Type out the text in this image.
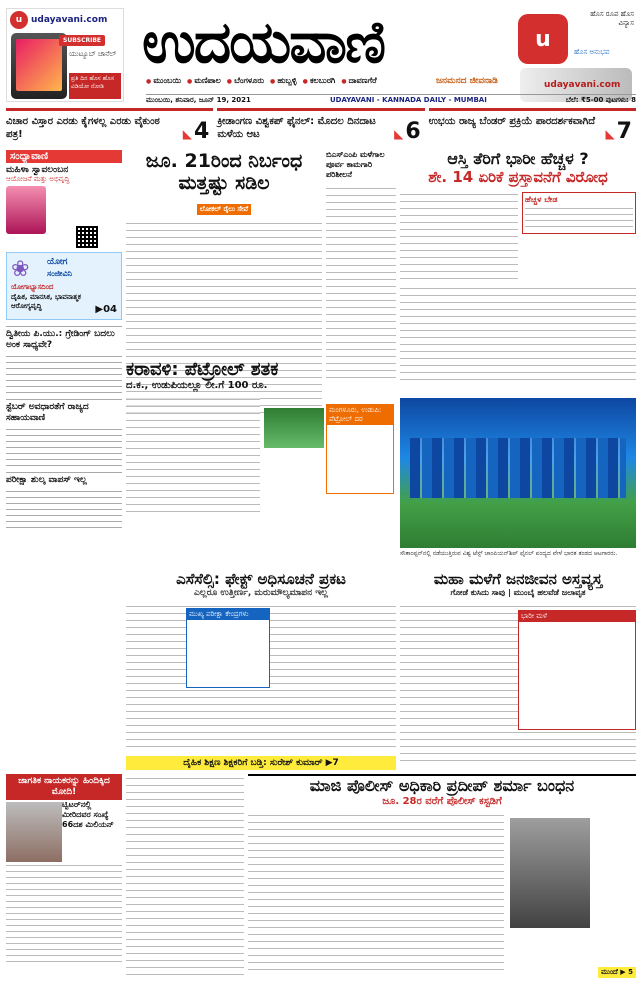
u udayavani.com
SUBSCRIBE
ಯುಟ್ಯೂಬ್ ಚಾನೆಲ್
ಪ್ರತಿ ದಿನ ಹೊಸ ಹೊಸ ವಿಡಿಯೋ ನೋಡಿ
ಉದಯವಾಣಿ
● ಮುಂಬಯಿ	● ಮಣಿಪಾಲ	● ಬೆಂಗಳೂರು	● ಹುಬ್ಬಳ್ಳಿ	● ಕಲಬುರಗಿ	● ದಾವಣಗೆರೆ	ಜನಮನದ ಜೀವನಾಡಿ
u
ಹೊಸ ರೂಪ ಹೊಸ ವಿನ್ಯಾಸ
ಹೊಸ ಅನುಭವ
udayavani.com
ಮುಂಬಯಿ, ಶನಿವಾರ, ಜೂನ್ 19, 2021	UDAYAVANI - KANNADA DAILY - MUMBAI	ಬೆಲೆ: ₹5-00 ಪುಟಗಳು: 8
ವಿಚಾರ ವಿಸ್ತಾರ ಎರಡು ಕೈಗಳಲ್ಲ ಎರಡು ವೈಕುಂಠ ಪತ್ರ!	◣ 4 ಕ್ರೀಡಾಂಗಣ ವಿಶ್ವಕಪ್ ಫೈನಲ್: ಮೊದಲ ದಿನದಾಟ ಮಳೆಯ ಆಟ	◣ 6 ಉಭಯ ರಾಜ್ಯ ಬೆಂಡರ್ ಪ್ರಕ್ರಿಯೆ ಪಾರದರ್ಶಕವಾಗಿದೆ ◣ 7
ಸಂಧ್ಯಾವಾಣಿ
ಮಹಿಳಾ ಸ್ವಾವಲಂಬನ
ಆಯೋಜನೆ ಮತ್ತು ಅಭಿವೃದ್ಧಿ
❀ ಯೋಗ
ಸಂಜೀವಿನಿ
ಯೋಗಾಭ್ಯಾಸದಿಂದ
ದೈಹಿಕ, ಮಾನಸಿಕ, ಭಾವನಾತ್ಮಕ ಆರೋಗ್ಯವೃದ್ಧಿ	▶04
ದ್ವಿತೀಯ ಪಿ.ಯು.: ಗ್ರೇಡಿಂಗ್ ಬದಲು ಅಂಕ ಸಾಧ್ಯವೇ?
ಸ್ಟೆಬರ್ ಅವಧಾರತೆಗೆ ರಾಜ್ಯದ ಸಹಾಯವಾಣಿ
ಪರೀಕ್ಷಾ ಶುಲ್ಕ ವಾಪಸ್ ಇಲ್ಲ
ಜೂ. 21ರಿಂದ ನಿರ್ಬಂಧ ಮತ್ತಷ್ಟು ಸಡಿಲ
ಲೋಕಲ್ ರೈಲು ಸೇವೆ
ಬಿಎಸ್ಎಂಪಿ ಮಳೆಗಾಲ ಪೂರ್ವ ಕಾಮಗಾರಿ ಪರಿಶೀಲನೆ
ಆಸ್ತಿ ತೆರಿಗೆ ಭಾರೀ ಹೆಚ್ಚಳ ?
ಶೇ. 14 ಏರಿಕೆ ಪ್ರಸ್ತಾವನೆಗೆ ವಿರೋಧ
ಹೆಚ್ಚಳ ಬೇಡ
ಕರಾವಳಿ: ಪೆಟ್ರೋಲ್ ಶತಕ
ದ.ಕ., ಉಡುಪಿಯಲ್ಲೂ ಲೀ.ಗೆ 100 ರೂ.
ಮಂಗಳೂರು, ಉಡುಪಿ: ಪೆಟ್ರೋಲ್ ದರ
ಸೌತಾಂಪ್ಟನ್‌ನಲ್ಲಿ ನಡೆಯುತ್ತಿರುವ ವಿಶ್ವ ಟೆಸ್ಟ್ ಚಾಂಪಿಯನ್‌ಶಿಪ್ ಫೈನಲ್ ಪಂದ್ಯದ ವೇಳೆ ಭಾರತ ತಂಡದ ಆಟಗಾರರು.
ಎಸೆಸೆಲ್ಸಿ: ಫೇಕ್ಟ್ ಅಧಿಸೂಚನೆ ಪ್ರಕಟ
ಎಲ್ಲರೂ ಉತ್ತೀರ್ಣ, ಮರುಮೌಲ್ಯಮಾಪನ ಇಲ್ಲ
ಮುಖ್ಯ ಪರೀಕ್ಷಾ ಕೇಂದ್ರಗಳು
ದೈಹಿಕ ಶಿಕ್ಷಣ ಶಿಕ್ಷಕರಿಗೆ ಬಡ್ತಿ: ಸುರೇಶ್ ಕುಮಾರ್ ▶7
ಮಹಾ ಮಳೆಗೆ ಜನಜೀವನ ಅಸ್ತವ್ಯಸ್ತ
ಗೋಡೆ ಕುಸಿದು ಸಾವು | ಮುಂಬೈ ಹಲವೆಡೆ ಜಲಾವೃತ
ಭಾರೀ ಮಳೆ
ಜಾಗತಿಕ ನಾಯಕರನ್ನು ಹಿಂದಿಕ್ಕಿದ ಮೋದಿ!
ಟ್ವಿಟರ್‌ನಲ್ಲಿ ಮೀರಿದವರ ಸಂಖ್ಯೆ 66ದಶ ಮಿಲಿಯನ್
ಮಾಜಿ ಪೊಲೀಸ್ ಅಧಿಕಾರಿ ಪ್ರದೀಪ್ ಶರ್ಮಾ ಬಂಧನ
ಜೂ. 28ರ ವರೆಗೆ ಪೊಲೀಸ್ ಕಸ್ಟಡಿಗೆ
ಮುಂದೆ ▶ 5
